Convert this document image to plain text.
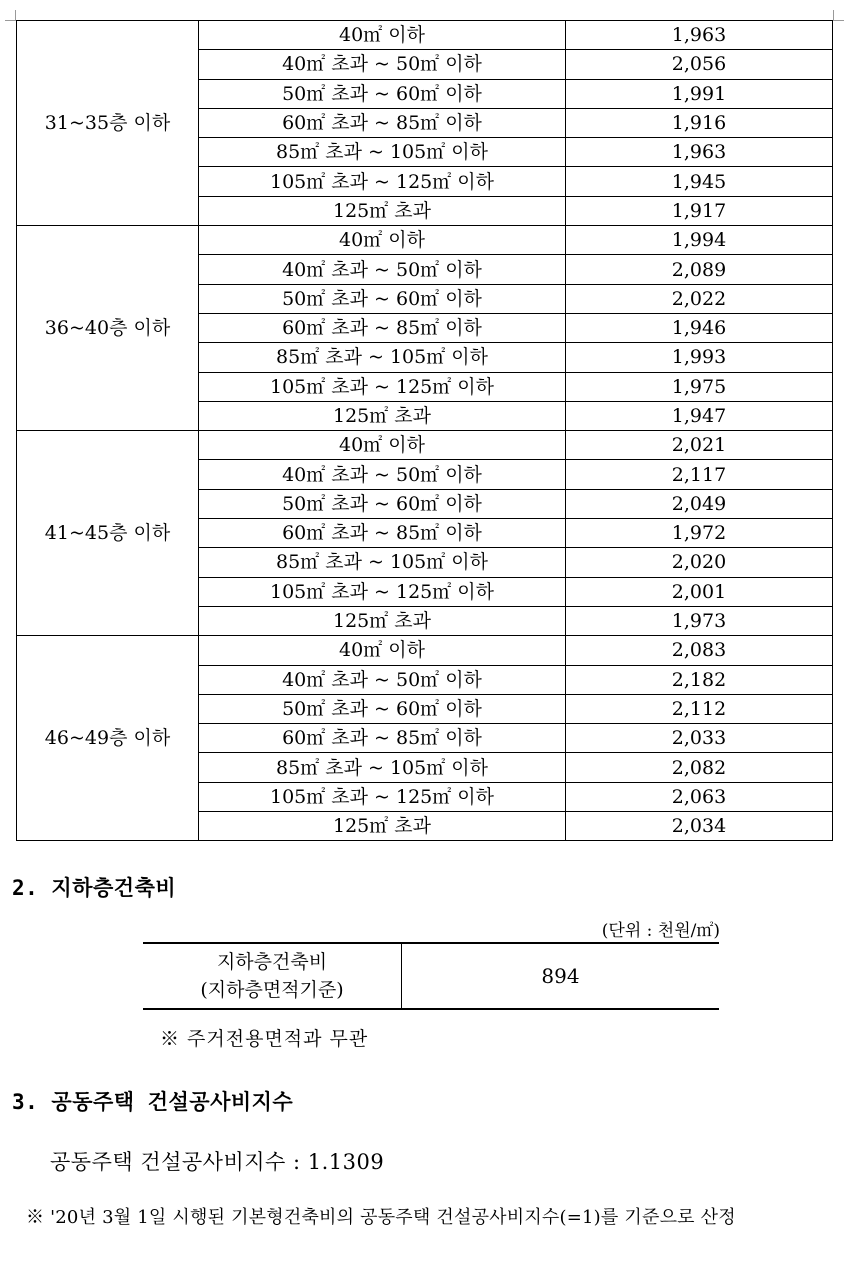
31~35층 이하	40㎡ 이하	1,963
	40㎡ 초과 ~ 50㎡ 이하	2,056
	50㎡ 초과 ~ 60㎡ 이하	1,991
	60㎡ 초과 ~ 85㎡ 이하	1,916
	85㎡ 초과 ~ 105㎡ 이하	1,963
	105㎡ 초과 ~ 125㎡ 이하	1,945
	125㎡ 초과	1,917
36~40층 이하	40㎡ 이하	1,994
	40㎡ 초과 ~ 50㎡ 이하	2,089
	50㎡ 초과 ~ 60㎡ 이하	2,022
	60㎡ 초과 ~ 85㎡ 이하	1,946
	85㎡ 초과 ~ 105㎡ 이하	1,993
	105㎡ 초과 ~ 125㎡ 이하	1,975
	125㎡ 초과	1,947
41~45층 이하	40㎡ 이하	2,021
	40㎡ 초과 ~ 50㎡ 이하	2,117
	50㎡ 초과 ~ 60㎡ 이하	2,049
	60㎡ 초과 ~ 85㎡ 이하	1,972
	85㎡ 초과 ~ 105㎡ 이하	2,020
	105㎡ 초과 ~ 125㎡ 이하	2,001
	125㎡ 초과	1,973
46~49층 이하	40㎡ 이하	2,083
	40㎡ 초과 ~ 50㎡ 이하	2,182
	50㎡ 초과 ~ 60㎡ 이하	2,112
	60㎡ 초과 ~ 85㎡ 이하	2,033
	85㎡ 초과 ~ 105㎡ 이하	2,082
	105㎡ 초과 ~ 125㎡ 이하	2,063
	125㎡ 초과	2,034
2. 지하층건축비
(단위 : 천원/㎡)
지하층건축비
(지하층면적기준)
	894
※ 주거전용면적과 무관
3. 공동주택 건설공사비지수
공동주택 건설공사비지수 : 1.1309
※ '20년 3월 1일 시행된 기본형건축비의 공동주택 건설공사비지수(=1)를 기준으로 산정
